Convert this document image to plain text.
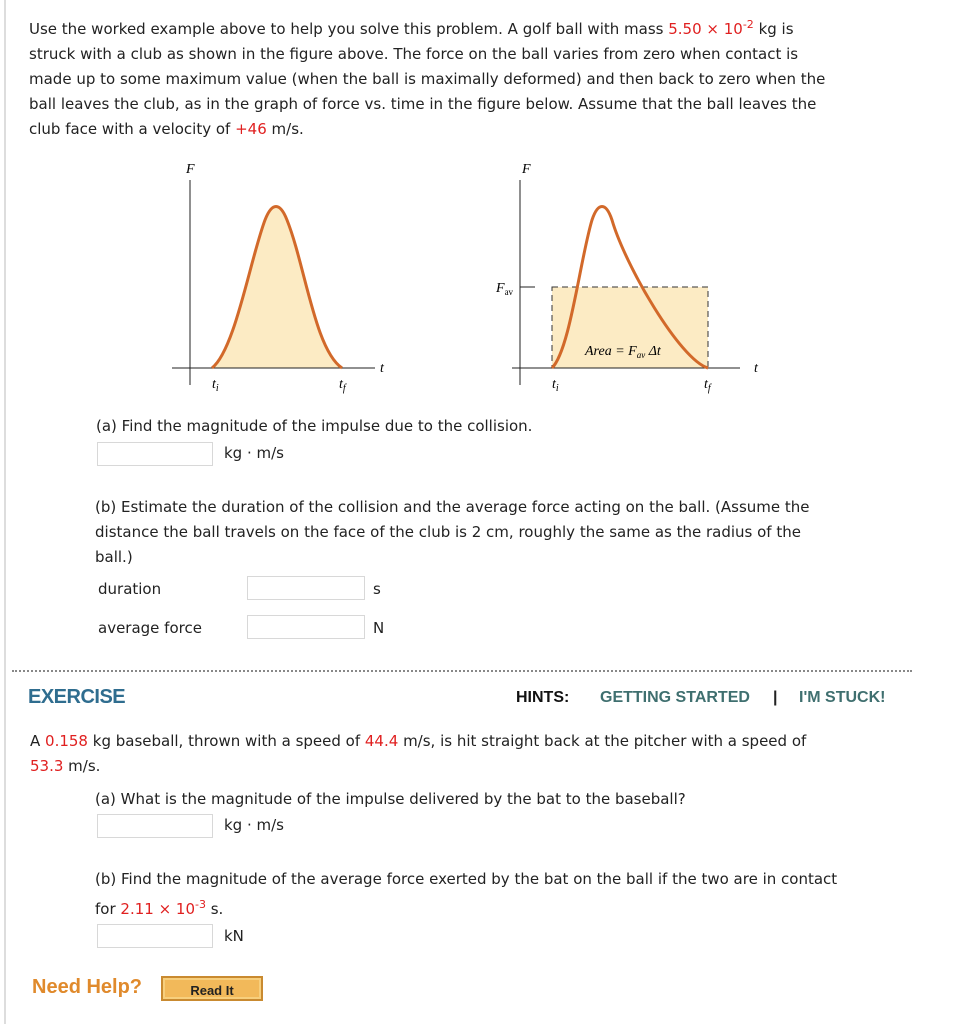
Use the worked example above to help you solve this problem. A golf ball with mass $5.50 \times 10^{-2}$ kg is
struck with a club as shown in the figure above. The force on the ball varies from zero when contact is
made up to some maximum value (when the ball is maximally deformed) and then back to zero when the
ball leaves the club, as in the graph of force vs. time in the figure below. Assume that the ball leaves the
club face with a velocity of +46 m/s.
F
t
$t_i$	$t_f$
F
t
$F_{av}$
$t_i$	$t_f$
Area = $F_{av}$ Δt
(a) Find the magnitude of the impulse due to the collision.
kg · m/s
(b) Estimate the duration of the collision and the average force acting on the ball. (Assume the
distance the ball travels on the face of the club is 2 cm, roughly the same as the radius of the
ball.)
duration	s
average force	N
EXERCISE	HINTS: GETTING STARTED | I'M STUCK!
A 0.158 kg baseball, thrown with a speed of 44.4 m/s, is hit straight back at the pitcher with a speed of
53.3 m/s.
(a) What is the magnitude of the impulse delivered by the bat to the baseball?
kg · m/s
(b) Find the magnitude of the average force exerted by the bat on the ball if the two are in contact
for $2.11 \times 10^{-3}$ s.
kN
Need Help?	Read It
